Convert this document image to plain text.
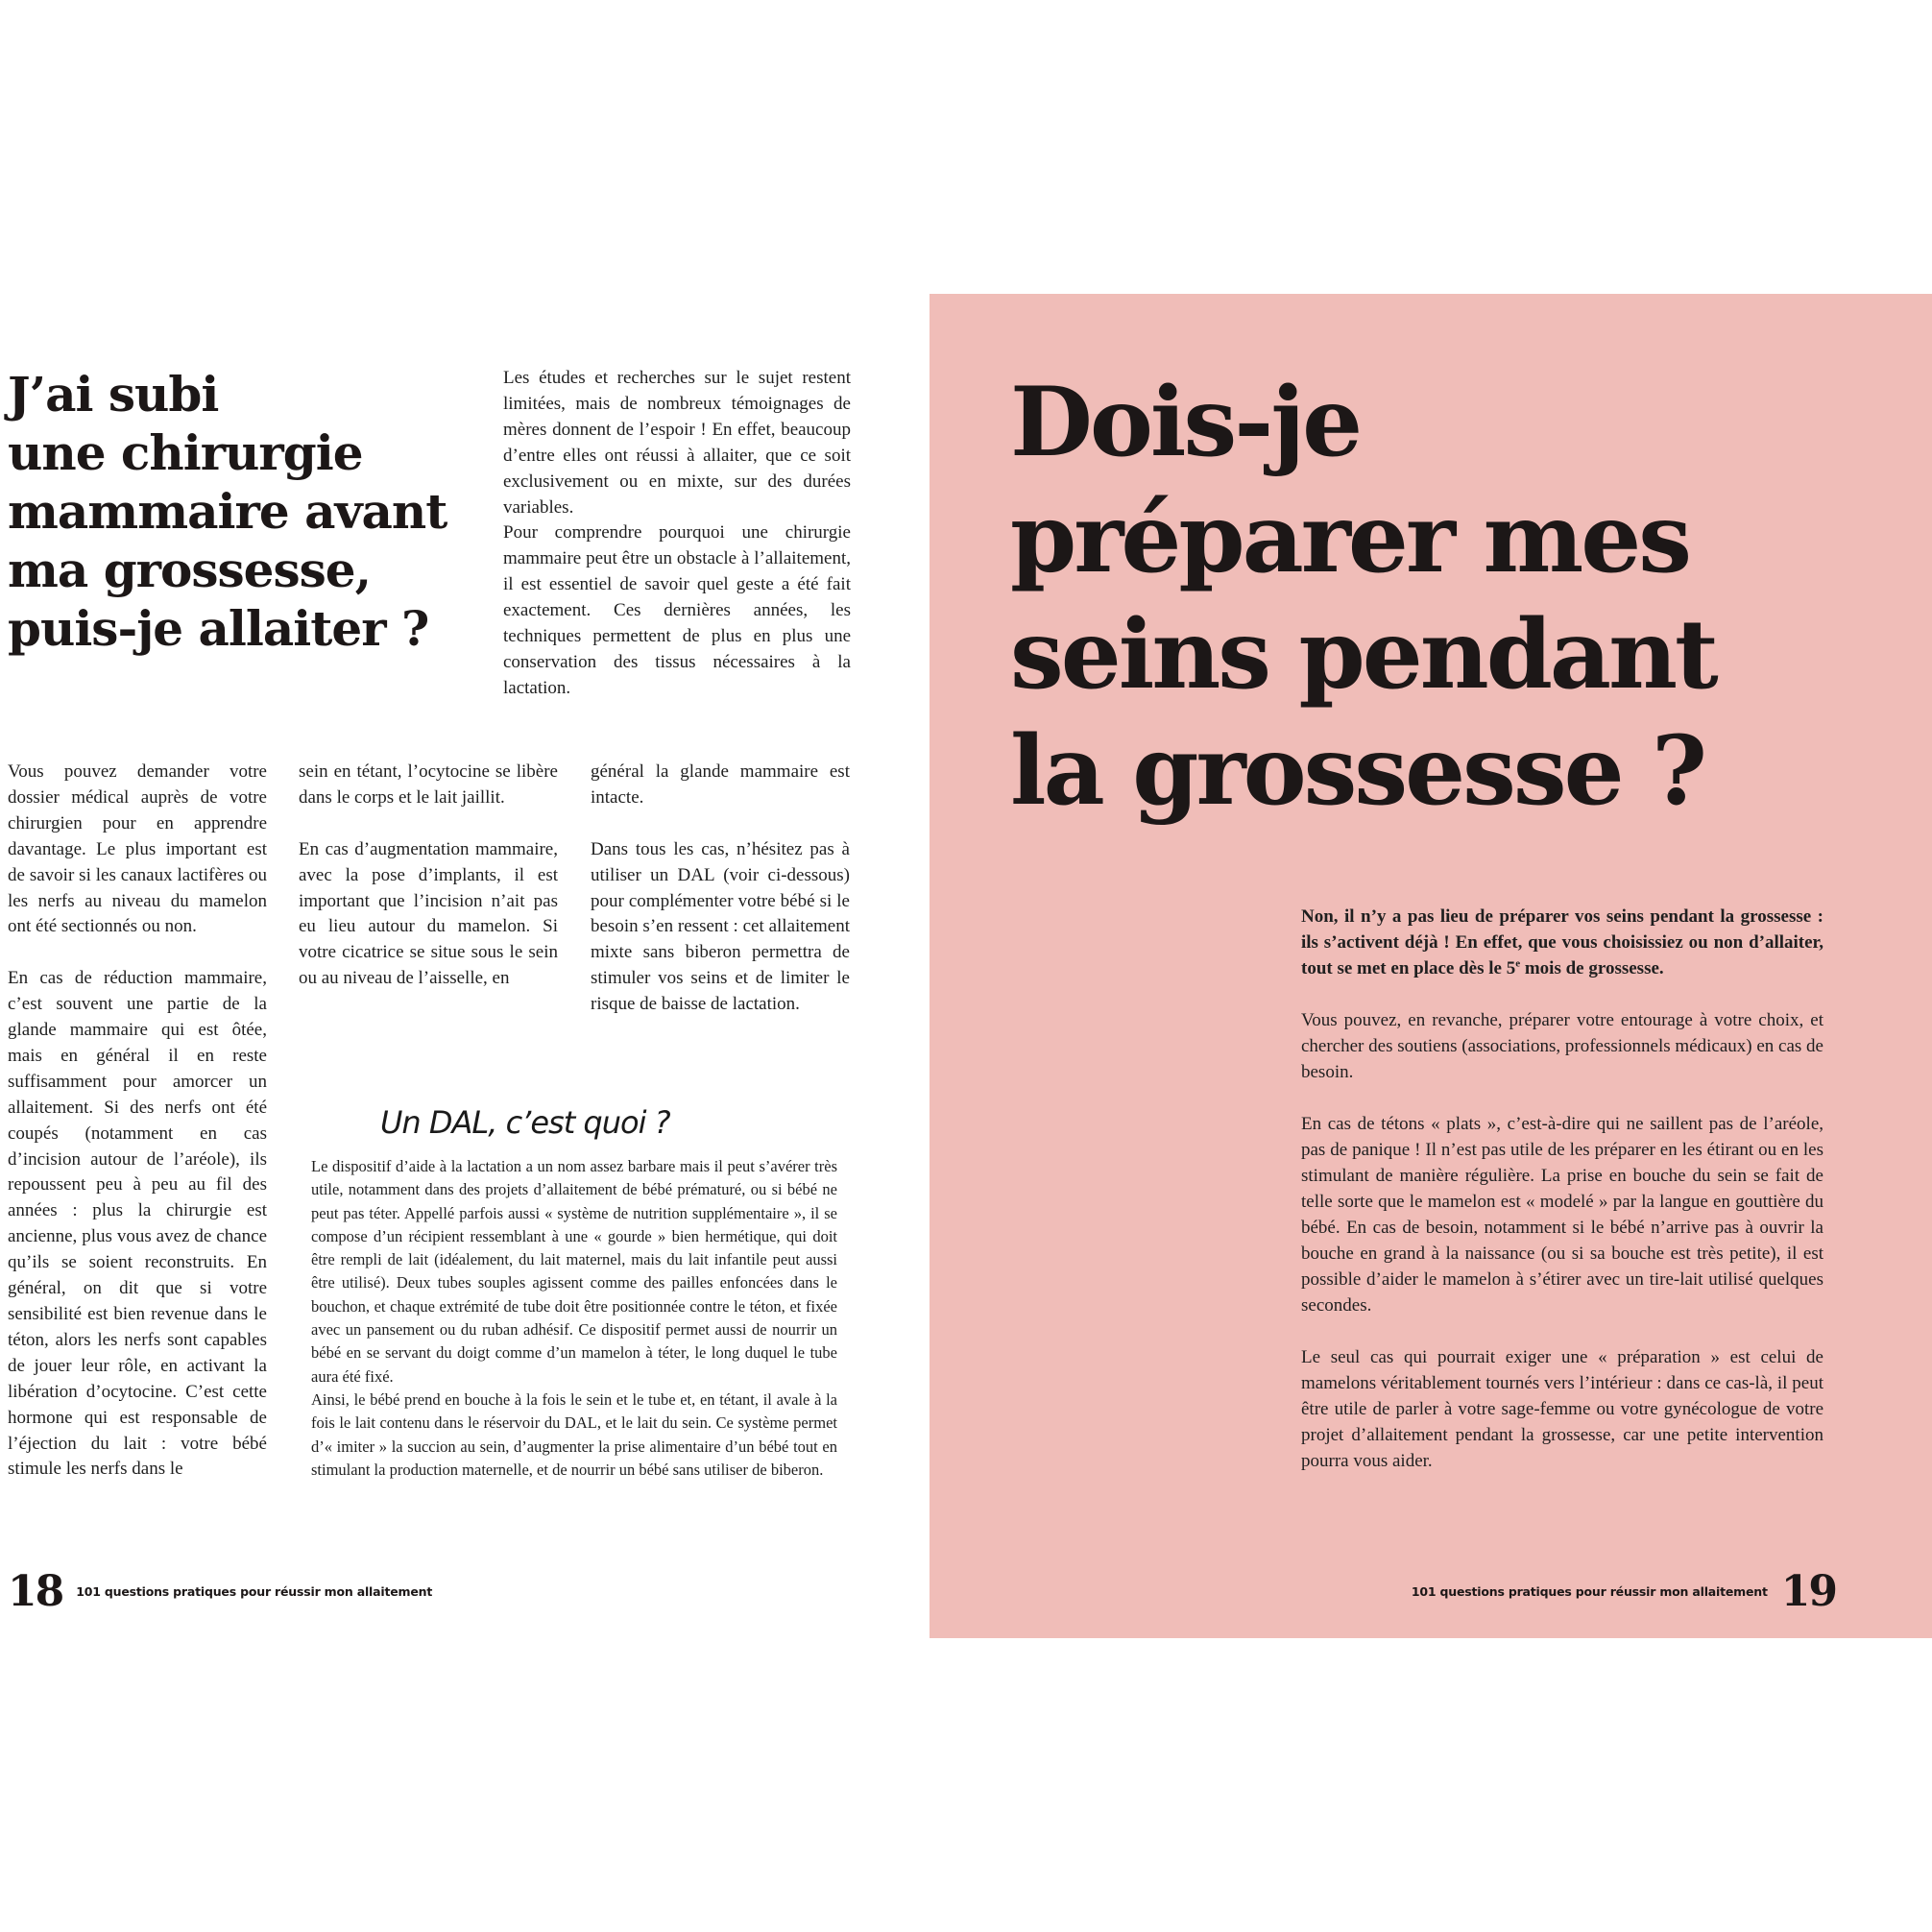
J’ai subi
une chirurgie
mammaire avant
ma grossesse,
puis-je allaiter ?

Les études et recherches sur le sujet restent limitées, mais de nombreux témoignages de mères donnent de l’espoir ! En effet, beaucoup d’entre elles ont réussi à allaiter, que ce soit exclusivement ou en mixte, sur des durées variables.

Pour comprendre pourquoi une chirurgie mammaire peut être un obstacle à l’allaitement, il est essentiel de savoir quel geste a été fait exactement. Ces dernières années, les techniques permettent de plus en plus une conservation des tissus nécessaires à la lactation.

Vous pouvez demander votre dossier médical auprès de votre chirurgien pour en apprendre davantage. Le plus important est de savoir si les canaux lactifères ou les nerfs au niveau du mamelon ont été sectionnés ou non.

En cas de réduction mammaire, c’est souvent une partie de la glande mammaire qui est ôtée, mais en général il en reste suffisamment pour amorcer un allaitement. Si des nerfs ont été coupés (notamment en cas d’incision autour de l’aréole), ils repoussent peu à peu au fil des années : plus la chirurgie est ancienne, plus vous avez de chance qu’ils se soient reconstruits. En général, on dit que si votre sensibilité est bien revenue dans le téton, alors les nerfs sont capables de jouer leur rôle, en activant la libération d’ocytocine. C’est cette hormone qui est responsable de l’éjection du lait : votre bébé stimule les nerfs dans le

sein en tétant, l’ocytocine se libère dans le corps et le lait jaillit.

En cas d’augmentation mammaire, avec la pose d’implants, il est important que l’incision n’ait pas eu lieu autour du mamelon. Si votre cicatrice se situe sous le sein ou au niveau de l’aisselle, en

général la glande mammaire est intacte.

Dans tous les cas, n’hésitez pas à utiliser un DAL (voir ci-dessous) pour complémenter votre bébé si le besoin s’en ressent : cet allaitement mixte sans biberon permettra de stimuler vos seins et de limiter le risque de baisse de lactation.

Un DAL, c’est quoi ?

Le dispositif d’aide à la lactation a un nom assez barbare mais il peut s’avérer très utile, notamment dans des projets d’allaitement de bébé prématuré, ou si bébé ne peut pas téter. Appellé parfois aussi « système de nutrition supplémentaire », il se compose d’un récipient ressemblant à une « gourde » bien hermétique, qui doit être rempli de lait (idéalement, du lait maternel, mais du lait infantile peut aussi être utilisé). Deux tubes souples agissent comme des pailles enfoncées dans le bouchon, et chaque extrémité de tube doit être positionnée contre le téton, et fixée avec un pansement ou du ruban adhésif. Ce dispositif permet aussi de nourrir un bébé en se servant du doigt comme d’un mamelon à téter, le long duquel le tube aura été fixé.

Ainsi, le bébé prend en bouche à la fois le sein et le tube et, en tétant, il avale à la fois le lait contenu dans le réservoir du DAL, et le lait du sein. Ce système permet d’« imiter » la succion au sein, d’augmenter la prise alimentaire d’un bébé tout en stimulant la production maternelle, et de nourrir un bébé sans utiliser de biberon.

18 101 questions pratiques pour réussir mon allaitement
Dois-je
préparer mes
seins pendant
la grossesse ?

Non, il n’y a pas lieu de préparer vos seins pendant la grossesse : ils s’activent déjà ! En effet, que vous choisissiez ou non d’allaiter, tout se met en place dès le 5e mois de grossesse.

Vous pouvez, en revanche, préparer votre entourage à votre choix, et chercher des soutiens (associations, professionnels médicaux) en cas de besoin.

En cas de tétons « plats », c’est-à-dire qui ne saillent pas de l’aréole, pas de panique ! Il n’est pas utile de les préparer en les étirant ou en les stimulant de manière régulière. La prise en bouche du sein se fait de telle sorte que le mamelon est « modelé » par la langue en gouttière du bébé. En cas de besoin, notamment si le bébé n’arrive pas à ouvrir la bouche en grand à la naissance (ou si sa bouche est très petite), il est possible d’aider le mamelon à s’étirer avec un tire-lait utilisé quelques secondes.

Le seul cas qui pourrait exiger une « préparation » est celui de mamelons véritablement tournés vers l’intérieur : dans ce cas-là, il peut être utile de parler à votre sage-femme ou votre gynécologue de votre projet d’allaitement pendant la grossesse, car une petite intervention pourra vous aider.

101 questions pratiques pour réussir mon allaitement 19
